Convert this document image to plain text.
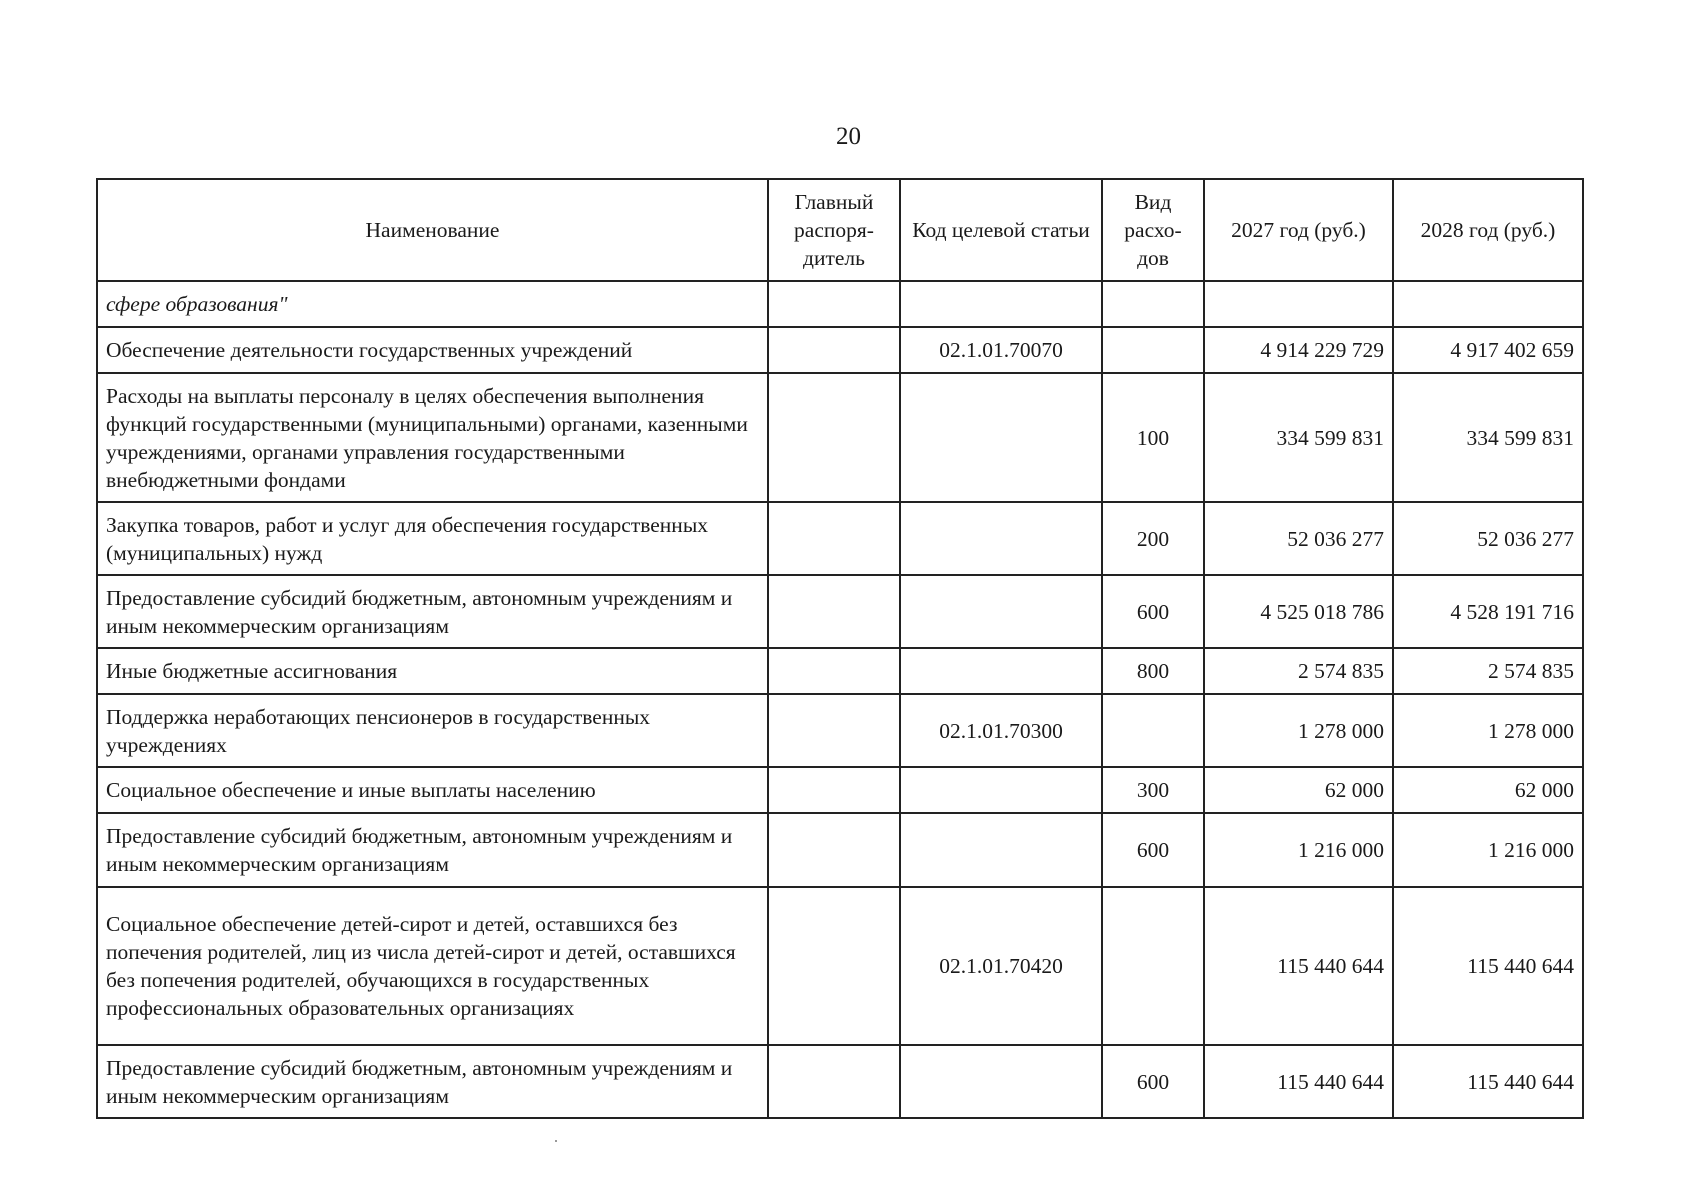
20
Наименование	Главный распоря-дитель	Код целевой статьи	Вид расхо-дов	2027 год (руб.)	2028 год (руб.)
сфере образования"					
Обеспечение деятельности государственных учреждений		02.1.01.70070		4 914 229 729	4 917 402 659
Расходы на выплаты персоналу в целях обеспечения выполнения функций государственными (муниципальными) органами, казенными учреждениями, органами управления государственными внебюджетными фондами			100	334 599 831	334 599 831
Закупка товаров, работ и услуг для обеспечения государственных (муниципальных) нужд			200	52 036 277	52 036 277
Предоставление субсидий бюджетным, автономным учреждениям и иным некоммерческим организациям			600	4 525 018 786	4 528 191 716
Иные бюджетные ассигнования			800	2 574 835	2 574 835
Поддержка неработающих пенсионеров в государственных учреждениях		02.1.01.70300		1 278 000	1 278 000
Социальное обеспечение и иные выплаты населению			300	62 000	62 000
Предоставление субсидий бюджетным, автономным учреждениям и иным некоммерческим организациям			600	1 216 000	1 216 000
Социальное обеспечение детей-сирот и детей, оставшихся без попечения родителей, лиц из числа детей-сирот и детей, оставшихся без попечения родителей, обучающихся в государственных профессиональных образовательных организациях		02.1.01.70420		115 440 644	115 440 644
Предоставление субсидий бюджетным, автономным учреждениям и иным некоммерческим организациям			600	115 440 644	115 440 644
